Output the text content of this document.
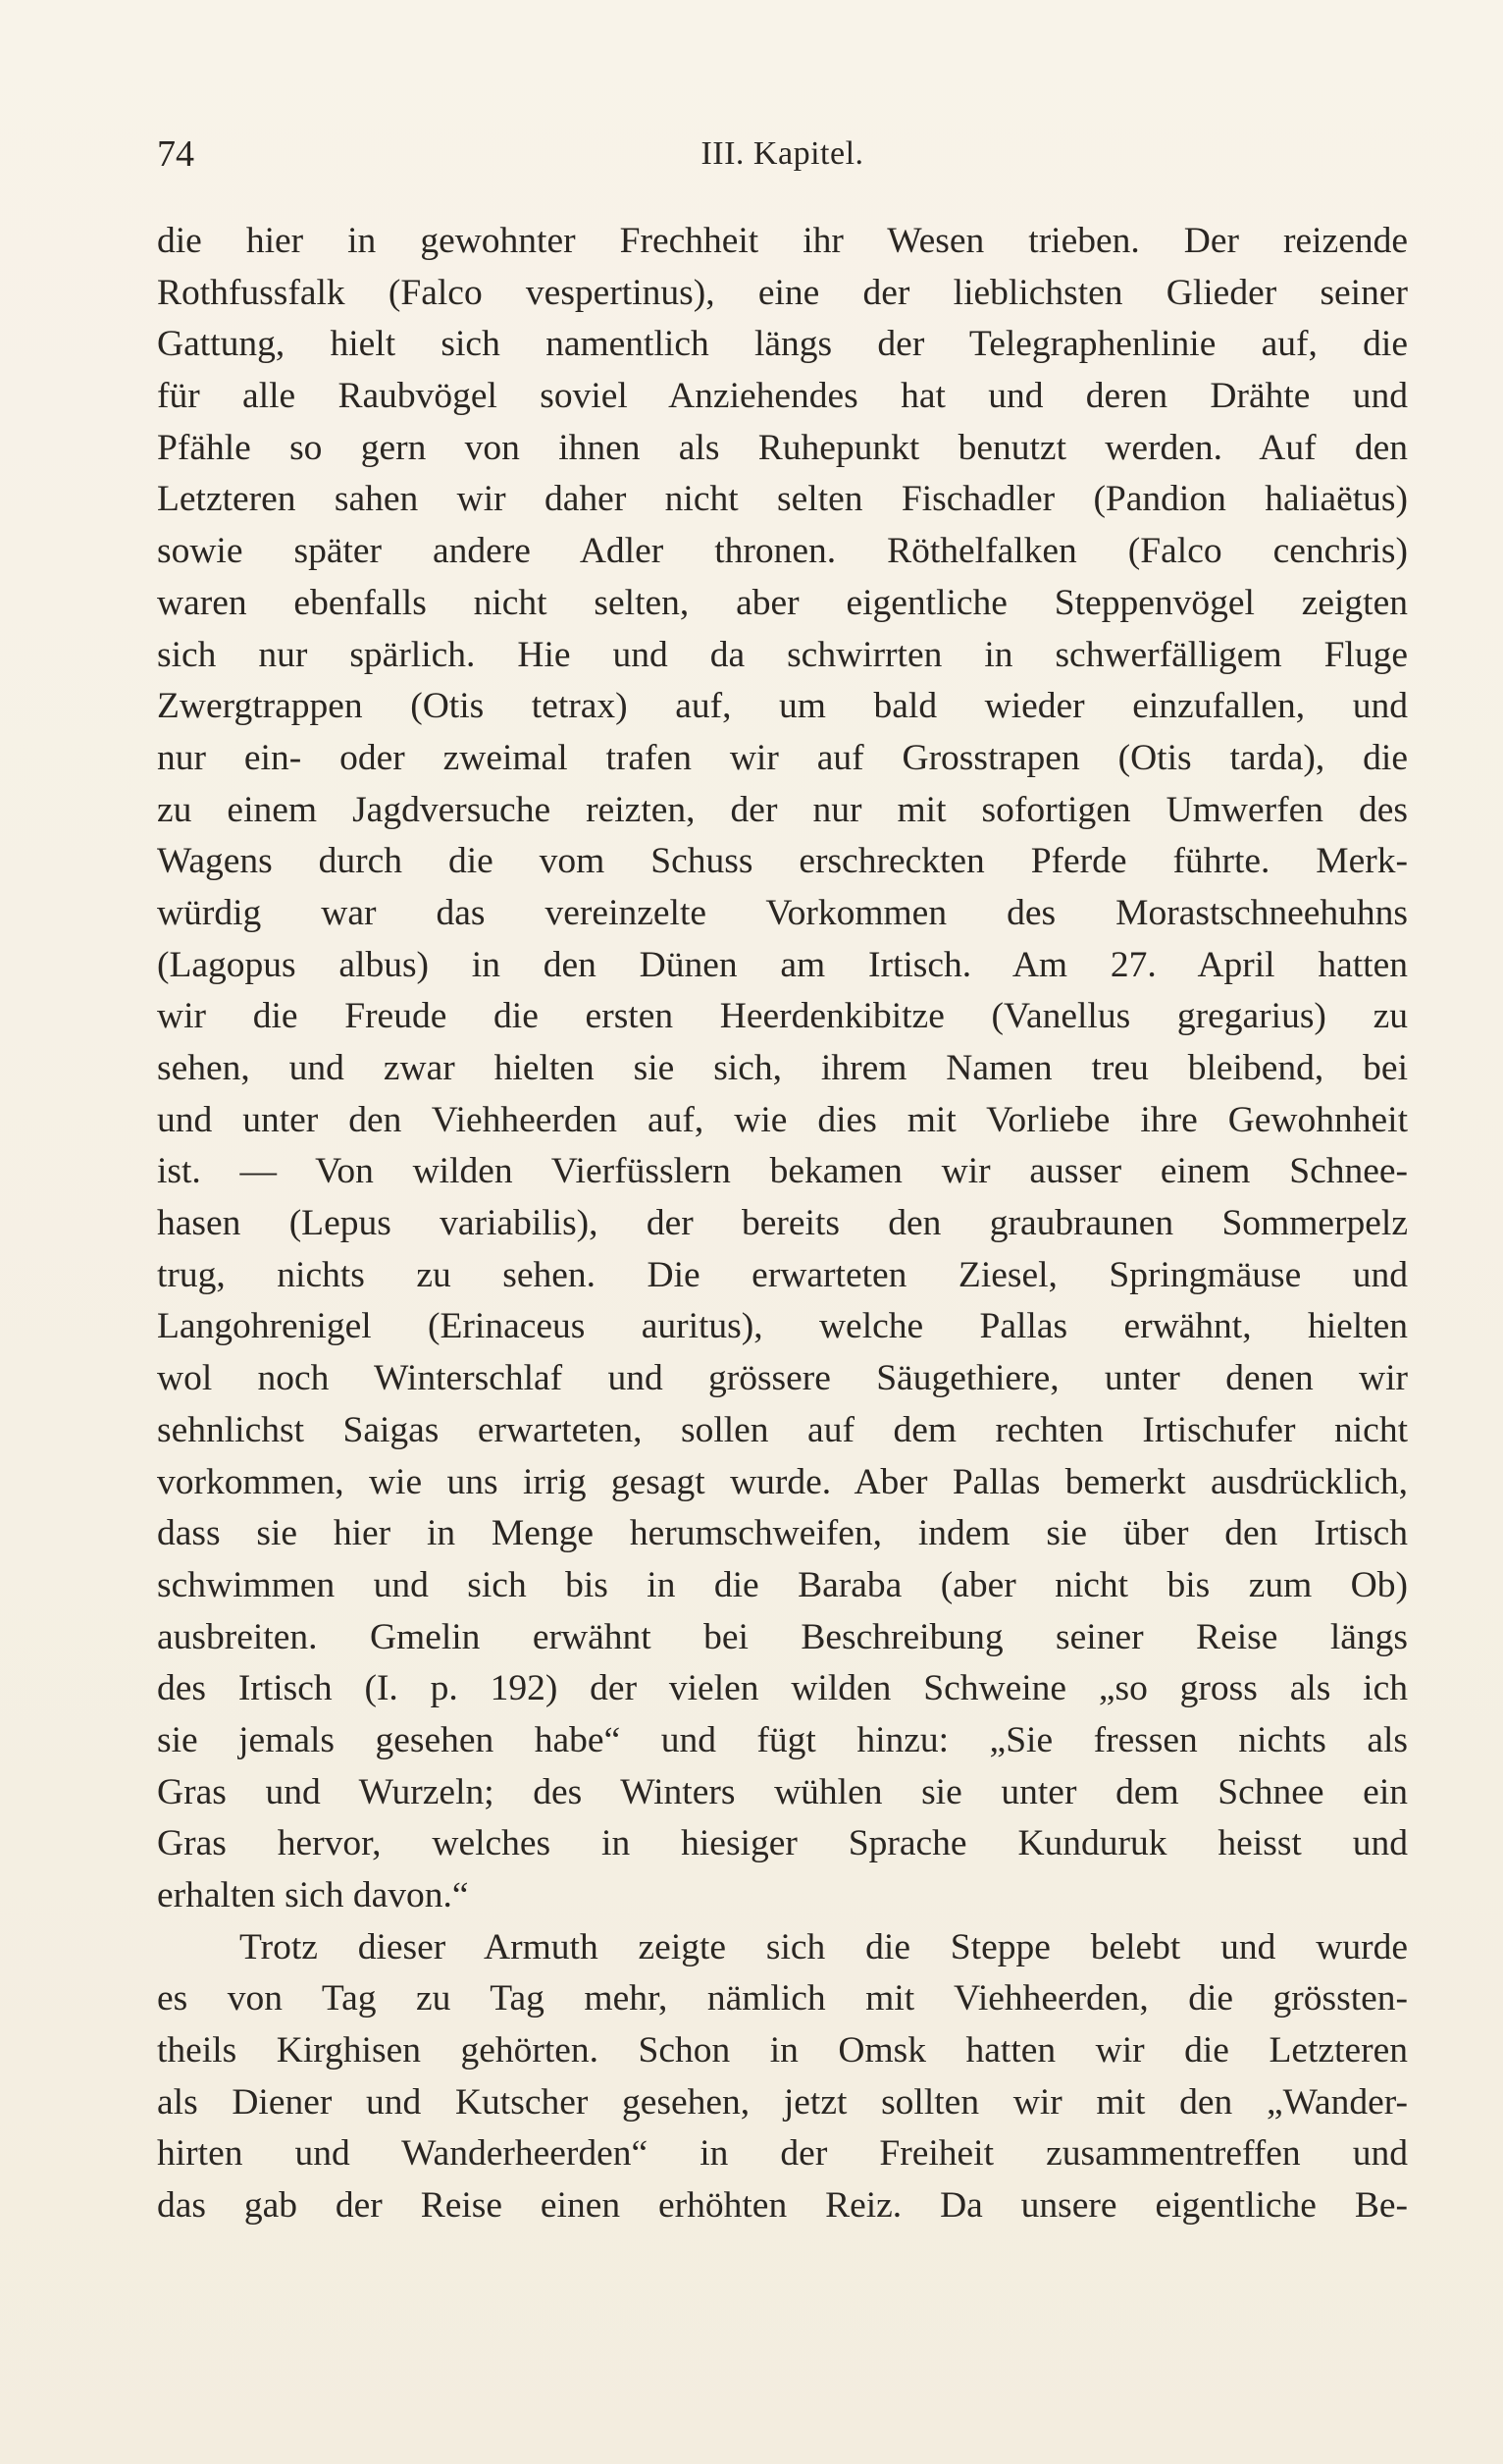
74	III. Kapitel.
die hier in gewohnter Frechheit ihr Wesen trieben. Der reizende
Rothfussfalk (Falco vespertinus), eine der lieblichsten Glieder seiner
Gattung, hielt sich namentlich längs der Telegraphenlinie auf, die
für alle Raubvögel soviel Anziehendes hat und deren Drähte und
Pfähle so gern von ihnen als Ruhepunkt benutzt werden. Auf den
Letzteren sahen wir daher nicht selten Fischadler (Pandion haliaëtus)
sowie später andere Adler thronen. Röthelfalken (Falco cenchris)
waren ebenfalls nicht selten, aber eigentliche Steppenvögel zeigten
sich nur spärlich. Hie und da schwirrten in schwerfälligem Fluge
Zwergtrappen (Otis tetrax) auf, um bald wieder einzufallen, und
nur ein- oder zweimal trafen wir auf Grosstrapen (Otis tarda), die
zu einem Jagdversuche reizten, der nur mit sofortigen Umwerfen des
Wagens durch die vom Schuss erschreckten Pferde führte. Merk-
würdig war das vereinzelte Vorkommen des Morastschneehuhns
(Lagopus albus) in den Dünen am Irtisch. Am 27. April hatten
wir die Freude die ersten Heerdenkibitze (Vanellus gregarius) zu
sehen, und zwar hielten sie sich, ihrem Namen treu bleibend, bei
und unter den Viehheerden auf, wie dies mit Vorliebe ihre Gewohnheit
ist. — Von wilden Vierfüsslern bekamen wir ausser einem Schnee-
hasen (Lepus variabilis), der bereits den graubraunen Sommerpelz
trug, nichts zu sehen. Die erwarteten Ziesel, Springmäuse und
Langohrenigel (Erinaceus auritus), welche Pallas erwähnt, hielten
wol noch Winterschlaf und grössere Säugethiere, unter denen wir
sehnlichst Saigas erwarteten, sollen auf dem rechten Irtischufer nicht
vorkommen, wie uns irrig gesagt wurde. Aber Pallas bemerkt ausdrücklich,
dass sie hier in Menge herumschweifen, indem sie über den Irtisch
schwimmen und sich bis in die Baraba (aber nicht bis zum Ob)
ausbreiten. Gmelin erwähnt bei Beschreibung seiner Reise längs
des Irtisch (I. p. 192) der vielen wilden Schweine „so gross als ich
sie jemals gesehen habe“ und fügt hinzu: „Sie fressen nichts als
Gras und Wurzeln; des Winters wühlen sie unter dem Schnee ein
Gras hervor, welches in hiesiger Sprache Kunduruk heisst und
erhalten sich davon.“
Trotz dieser Armuth zeigte sich die Steppe belebt und wurde
es von Tag zu Tag mehr, nämlich mit Viehheerden, die grössten-
theils Kirghisen gehörten. Schon in Omsk hatten wir die Letzteren
als Diener und Kutscher gesehen, jetzt sollten wir mit den „Wander-
hirten und Wanderheerden“ in der Freiheit zusammentreffen und
das gab der Reise einen erhöhten Reiz. Da unsere eigentliche Be-
